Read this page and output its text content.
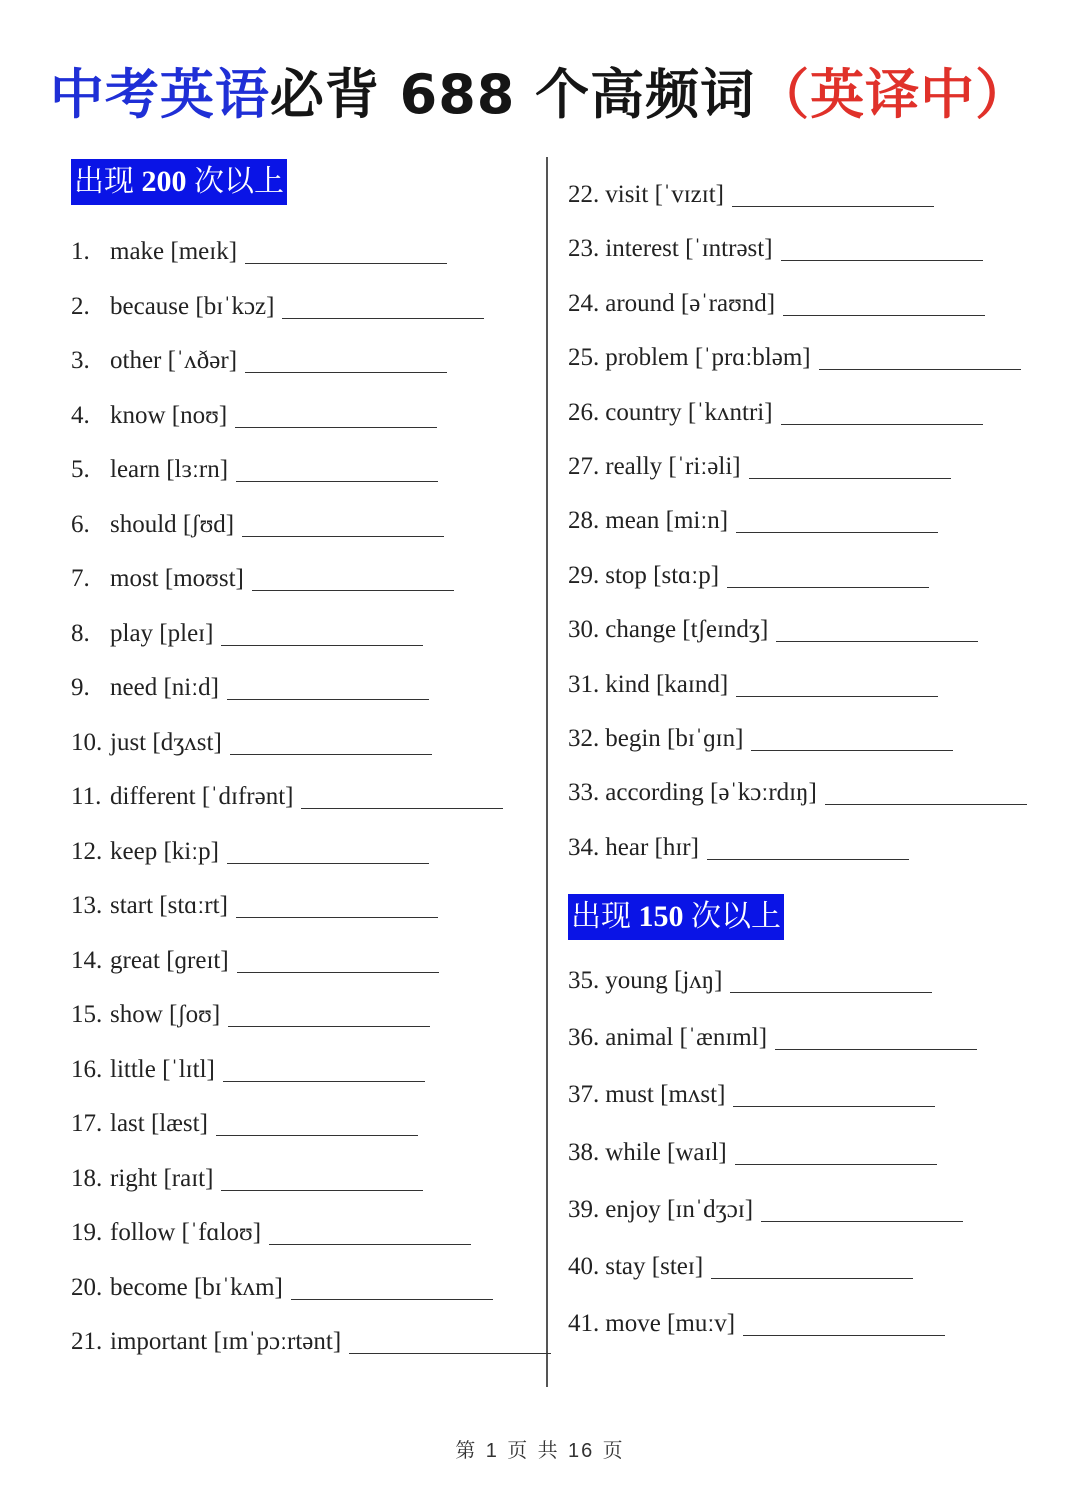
中考英语必背 688 个高频词（英译中）
出现 200 次以上
出现 150 次以上
1. make [meɪk]
2. because [bɪˈkɔz]
3. other [ˈʌðər]
4. know [noʊ]
5. learn [lɜːrn]
6. should [ʃʊd]
7. most [moʊst]
8. play [pleɪ]
9. need [niːd]
10. just [dʒʌst]
11. different [ˈdɪfrənt]
12. keep [kiːp]
13. start [stɑːrt]
14. great [ɡreɪt]
15. show [ʃoʊ]
16. little [ˈlɪtl]
17. last [læst]
18. right [raɪt]
19. follow [ˈfɑloʊ]
20. become [bɪˈkʌm]
21. important [ɪmˈpɔːrtənt]
22. visit [ˈvɪzɪt]
23. interest [ˈɪntrəst]
24. around [əˈraʊnd]
25. problem [ˈprɑːbləm]
26. country [ˈkʌntri]
27. really [ˈriːəli]
28. mean [miːn]
29. stop [stɑːp]
30. change [tʃeɪndʒ]
31. kind [kaɪnd]
32. begin [bɪˈɡɪn]
33. according [əˈkɔːrdɪŋ]
34. hear [hɪr]
35. young [jʌŋ]
36. animal [ˈænɪml]
37. must [mʌst]
38. while [waɪl]
39. enjoy [ɪnˈdʒɔɪ]
40. stay [steɪ]
41. move [muːv]
第 1 页 共 16 页
